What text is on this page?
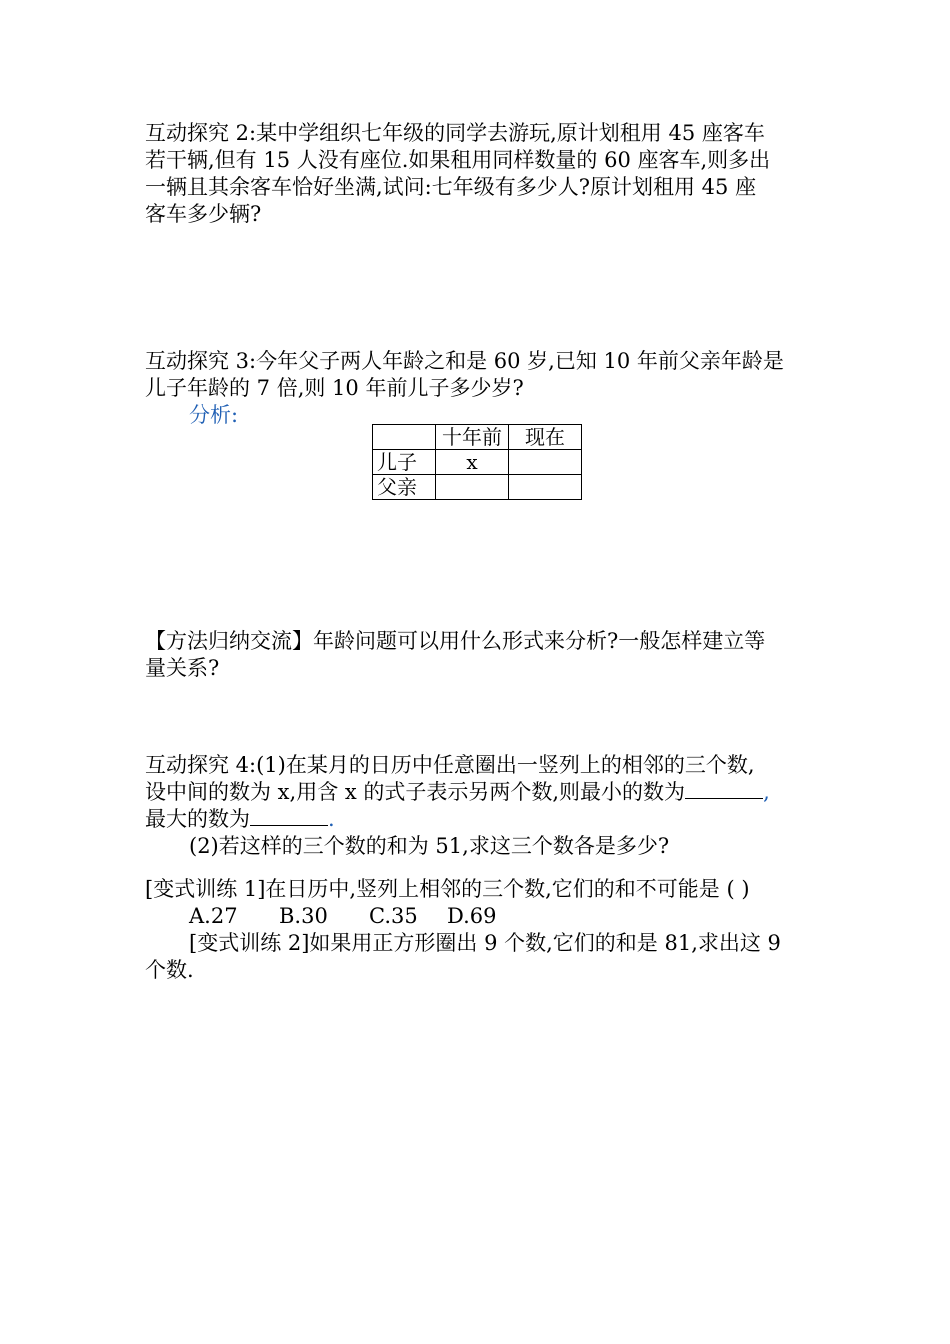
互动探究 2:某中学组织七年级的同学去游玩,原计划租用 45 座客车
若干辆,但有 15 人没有座位.如果租用同样数量的 60 座客车,则多出
一辆且其余客车恰好坐满,试问:七年级有多少人?原计划租用 45 座
客车多少辆?
互动探究 3:今年父子两人年龄之和是 60 岁,已知 10 年前父亲年龄是
儿子年龄的 7 倍,则 10 年前儿子多少岁?
分析:
	十年前	现在
儿子	x	
父亲		
【方法归纳交流】年龄问题可以用什么形式来分析?一般怎样建立等
量关系?
互动探究 4:(1)在某月的日历中任意圈出一竖列上的相邻的三个数,
设中间的数为 x,用含 x 的式子表示另两个数,则最小的数为	,
最大的数为	.
(2)若这样的三个数的和为 51,求这三个数各是多少?
[变式训练 1]在日历中,竖列上相邻的三个数,它们的和不可能是 ( )
A.27 B.30 C.35 D.69
[变式训练 2]如果用正方形圈出 9 个数,它们的和是 81,求出这 9
个数.
